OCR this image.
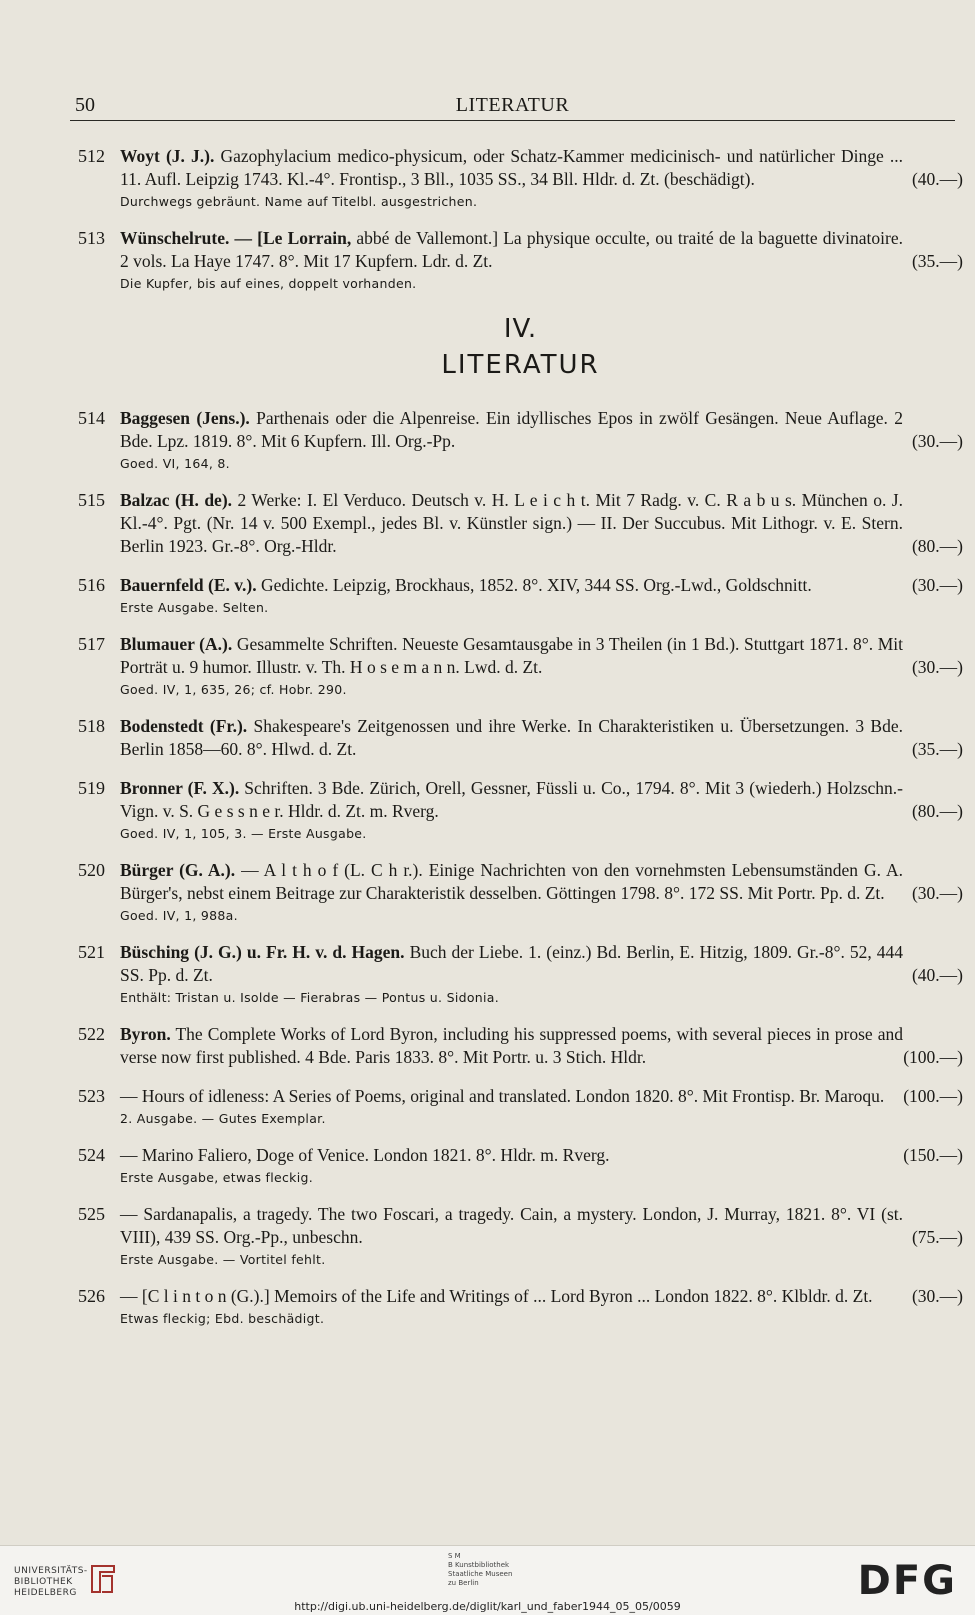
50	LITERATUR
512 Woyt (J. J.). Gazophylacium medico-physicum, oder Schatz-Kammer medicinisch- und natürlicher Dinge ... 11. Aufl. Leipzig 1743. Kl.-4°. Frontisp., 3 Bll., 1035 SS., 34 Bll. Hldr. d. Zt. (beschädigt).	(40.—)
Durchwegs gebräunt. Name auf Titelbl. ausgestrichen.
513 Wünschelrute. — [Le Lorrain, abbé de Vallemont.] La physique occulte, ou traité de la baguette divinatoire. 2 vols. La Haye 1747. 8°. Mit 17 Kupfern. Ldr. d. Zt.	(35.—)
Die Kupfer, bis auf eines, doppelt vorhanden.
IV.
LITERATUR
514 Baggesen (Jens.). Parthenais oder die Alpenreise. Ein idyllisches Epos in zwölf Gesängen. Neue Auflage. 2 Bde. Lpz. 1819. 8°. Mit 6 Kupfern. Ill. Org.-Pp.	(30.—)
Goed. VI, 164, 8.
515 Balzac (H. de). 2 Werke: I. El Verduco. Deutsch v. H. L e i c h t. Mit 7 Radg. v. C. R a b u s. München o. J. Kl.-4°. Pgt. (Nr. 14 v. 500 Exempl., jedes Bl. v. Künstler sign.) — II. Der Succubus. Mit Lithogr. v. E. Stern. Berlin 1923. Gr.-8°. Org.-Hldr.	(80.—)
516 Bauernfeld (E. v.). Gedichte. Leipzig, Brockhaus, 1852. 8°. XIV, 344 SS. Org.-Lwd., Goldschnitt.	(30.—)
Erste Ausgabe. Selten.
517 Blumauer (A.). Gesammelte Schriften. Neueste Gesamtausgabe in 3 Theilen (in 1 Bd.). Stuttgart 1871. 8°. Mit Porträt u. 9 humor. Illustr. v. Th. H o s e m a n n. Lwd. d. Zt.	(30.—)
Goed. IV, 1, 635, 26; cf. Hobr. 290.
518 Bodenstedt (Fr.). Shakespeare's Zeitgenossen und ihre Werke. In Charakteristiken u. Übersetzungen. 3 Bde. Berlin 1858—60. 8°. Hlwd. d. Zt.	(35.—)
519 Bronner (F. X.). Schriften. 3 Bde. Zürich, Orell, Gessner, Füssli u. Co., 1794. 8°. Mit 3 (wiederh.) Holzschn.-Vign. v. S. G e s s n e r. Hldr. d. Zt. m. Rverg.	(80.—)
Goed. IV, 1, 105, 3. — Erste Ausgabe.
520 Bürger (G. A.). — A l t h o f (L. C h r.). Einige Nachrichten von den vornehmsten Lebensumständen G. A. Bürger's, nebst einem Beitrage zur Charakteristik desselben. Göttingen 1798. 8°. 172 SS. Mit Portr. Pp. d. Zt.	(30.—)
Goed. IV, 1, 988a.
521 Büsching (J. G.) u. Fr. H. v. d. Hagen. Buch der Liebe. 1. (einz.) Bd. Berlin, E. Hitzig, 1809. Gr.-8°. 52, 444 SS. Pp. d. Zt.	(40.—)
Enthält: Tristan u. Isolde — Fierabras — Pontus u. Sidonia.
522 Byron. The Complete Works of Lord Byron, including his suppressed poems, with several pieces in prose and verse now first published. 4 Bde. Paris 1833. 8°. Mit Portr. u. 3 Stich. Hldr.	(100.—)
523 — Hours of idleness: A Series of Poems, original and translated. London 1820. 8°. Mit Frontisp. Br. Maroqu.	(100.—)
2. Ausgabe. — Gutes Exemplar.
524 — Marino Faliero, Doge of Venice. London 1821. 8°. Hldr. m. Rverg.	(150.—)
Erste Ausgabe, etwas fleckig.
525 — Sardanapalis, a tragedy. The two Foscari, a tragedy. Cain, a mystery. London, J. Murray, 1821. 8°. VI (st. VIII), 439 SS. Org.-Pp., unbeschn.	(75.—)
Erste Ausgabe. — Vortitel fehlt.
526 — [C l i n t o n (G.).] Memoirs of the Life and Writings of ... Lord Byron ... London 1822. 8°. Klbldr. d. Zt.	(30.—)
Etwas fleckig; Ebd. beschädigt.
UNIVERSITÄTS-
BIBLIOTHEK
HEIDELBERG
S M
B Kunstbibliothek
Staatliche Museen
zu Berlin	DFG
http://digi.ub.uni-heidelberg.de/diglit/karl_und_faber1944_05_05/0059
